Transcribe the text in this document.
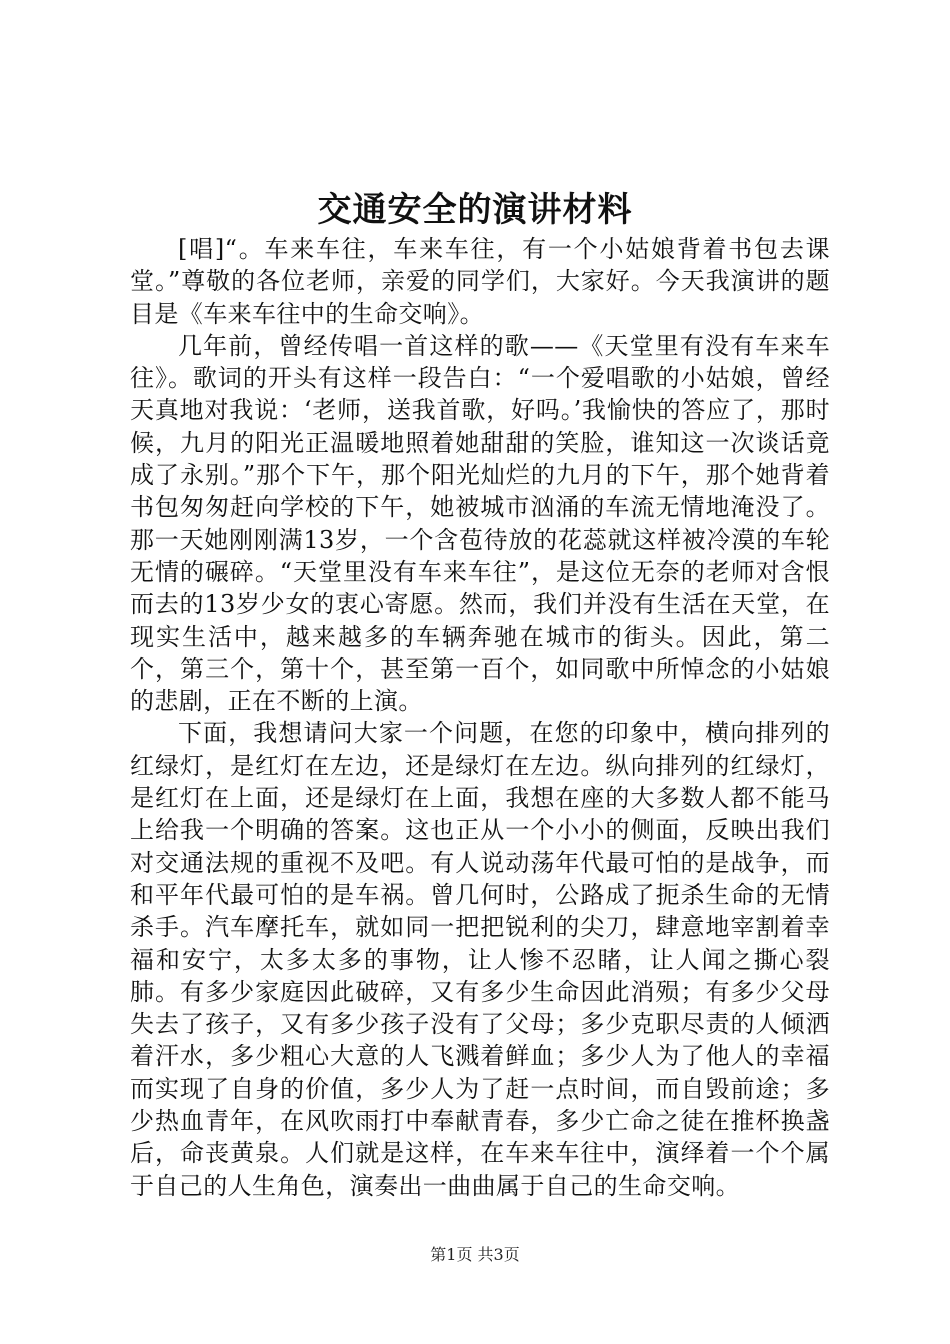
交通安全的演讲材料

[唱]“。车来车往，车来车往，有一个小姑娘背着书包去课堂。”尊敬的各位老师，亲爱的同学们，大家好。今天我演讲的题目是《车来车往中的生命交响》。

几年前，曾经传唱一首这样的歌——《天堂里有没有车来车往》。歌词的开头有这样一段告白：“一个爱唱歌的小姑娘，曾经天真地对我说：‘老师，送我首歌，好吗。’我愉快的答应了，那时候，九月的阳光正温暖地照着她甜甜的笑脸，谁知这一次谈话竟成了永别。”那个下午，那个阳光灿烂的九月的下午，那个她背着书包匆匆赶向学校的下午，她被城市汹涌的车流无情地淹没了。那一天她刚刚满13岁，一个含苞待放的花蕊就这样被冷漠的车轮无情的碾碎。“天堂里没有车来车往”，是这位无奈的老师对含恨而去的13岁少女的衷心寄愿。然而，我们并没有生活在天堂，在现实生活中，越来越多的车辆奔驰在城市的街头。因此，第二个，第三个，第十个，甚至第一百个，如同歌中所悼念的小姑娘的悲剧，正在不断的上演。

下面，我想请问大家一个问题，在您的印象中，横向排列的红绿灯，是红灯在左边，还是绿灯在左边。纵向排列的红绿灯，是红灯在上面，还是绿灯在上面，我想在座的大多数人都不能马上给我一个明确的答案。这也正从一个小小的侧面，反映出我们对交通法规的重视不及吧。有人说动荡年代最可怕的是战争，而和平年代最可怕的是车祸。曾几何时，公路成了扼杀生命的无情杀手。汽车摩托车，就如同一把把锐利的尖刀，肆意地宰割着幸福和安宁，太多太多的事物，让人惨不忍睹，让人闻之撕心裂肺。有多少家庭因此破碎，又有多少生命因此消殒；有多少父母失去了孩子，又有多少孩子没有了父母；多少克职尽责的人倾洒着汗水，多少粗心大意的人飞溅着鲜血；多少人为了他人的幸福而实现了自身的价值，多少人为了赶一点时间，而自毁前途；多少热血青年，在风吹雨打中奉献青春，多少亡命之徒在推杯换盏后，命丧黄泉。人们就是这样，在车来车往中，演绎着一个个属于自己的人生角色，演奏出一曲曲属于自己的生命交响。

第1页 共3页
